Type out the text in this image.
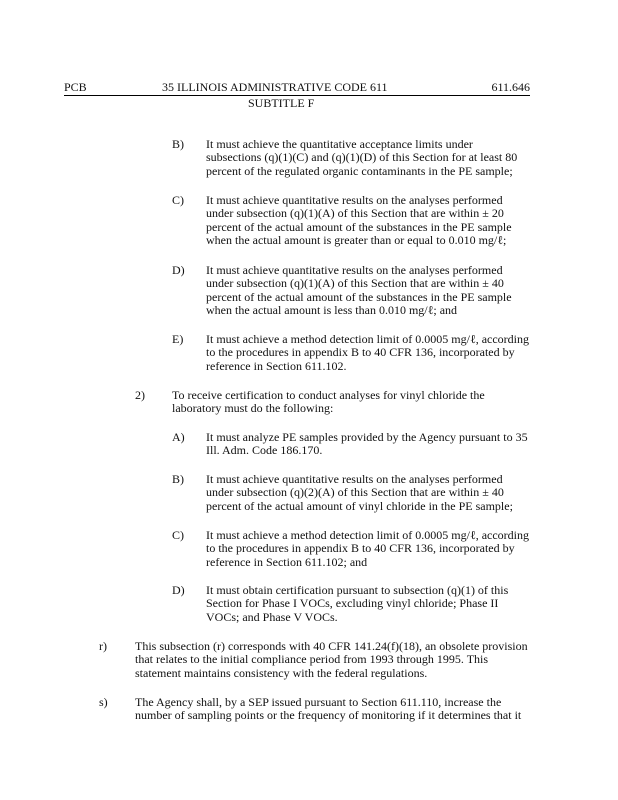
PCB	35 ILLINOIS ADMINISTRATIVE CODE 611	611.646
SUBTITLE F
B) It must achieve the quantitative acceptance limits under
subsections (q)(1)(C) and (q)(1)(D) of this Section for at least 80
percent of the regulated organic contaminants in the PE sample;
C) It must achieve quantitative results on the analyses performed
under subsection (q)(1)(A) of this Section that are within ± 20
percent of the actual amount of the substances in the PE sample
when the actual amount is greater than or equal to 0.010 mg/ℓ;
D) It must achieve quantitative results on the analyses performed
under subsection (q)(1)(A) of this Section that are within ± 40
percent of the actual amount of the substances in the PE sample
when the actual amount is less than 0.010 mg/ℓ; and
E) It must achieve a method detection limit of 0.0005 mg/ℓ, according
to the procedures in appendix B to 40 CFR 136, incorporated by
reference in Section 611.102.
2) To receive certification to conduct analyses for vinyl chloride the
laboratory must do the following:
A) It must analyze PE samples provided by the Agency pursuant to 35
Ill. Adm. Code 186.170.
B) It must achieve quantitative results on the analyses performed
under subsection (q)(2)(A) of this Section that are within ± 40
percent of the actual amount of vinyl chloride in the PE sample;
C) It must achieve a method detection limit of 0.0005 mg/ℓ, according
to the procedures in appendix B to 40 CFR 136, incorporated by
reference in Section 611.102; and
D) It must obtain certification pursuant to subsection (q)(1) of this
Section for Phase I VOCs, excluding vinyl chloride; Phase II
VOCs; and Phase V VOCs.
r) This subsection (r) corresponds with 40 CFR 141.24(f)(18), an obsolete provision
that relates to the initial compliance period from 1993 through 1995. This
statement maintains consistency with the federal regulations.
s) The Agency shall, by a SEP issued pursuant to Section 611.110, increase the
number of sampling points or the frequency of monitoring if it determines that it
